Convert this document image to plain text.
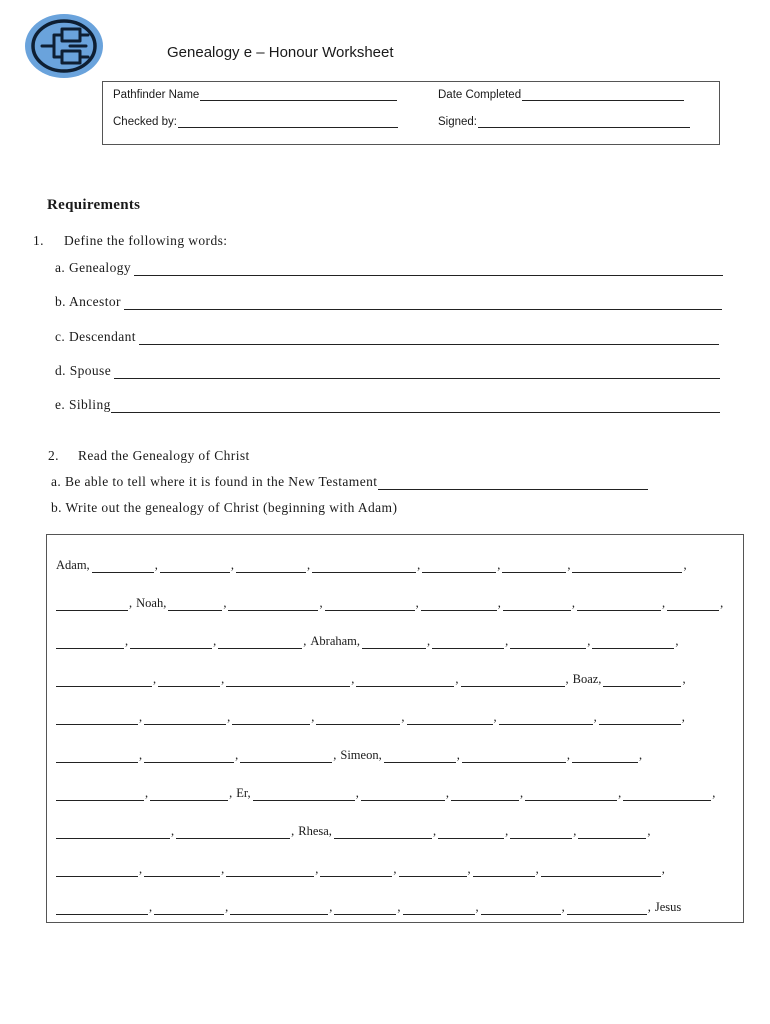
Genealogy e – Honour Worksheet
Pathfinder Name	Date Completed
Checked by:	Signed:
Requirements
1. Define the following words:
a. Genealogy
b. Ancestor
c. Descendant
d. Spouse
e. Sibling
2. Read the Genealogy of Christ
a. Be able to tell where it is found in the New Testament
b. Write out the genealogy of Christ (beginning with Adam)
Adam,	,	,	,	,	,	,	,
, Noah,	,	,	,	,	,	,	,
,	,	, Abraham,	,	,	,	,
,	,	,	,	, Boaz,	,
,	,	,	,	,	,	,
,	,	, Simeon,	,	,	,
,	, Er,	,	,	,	,	,
,	, Rhesa,	,	,	,	,
,	,	,	,	,	,	,
,	,	,	,	,	,	, Jesus
